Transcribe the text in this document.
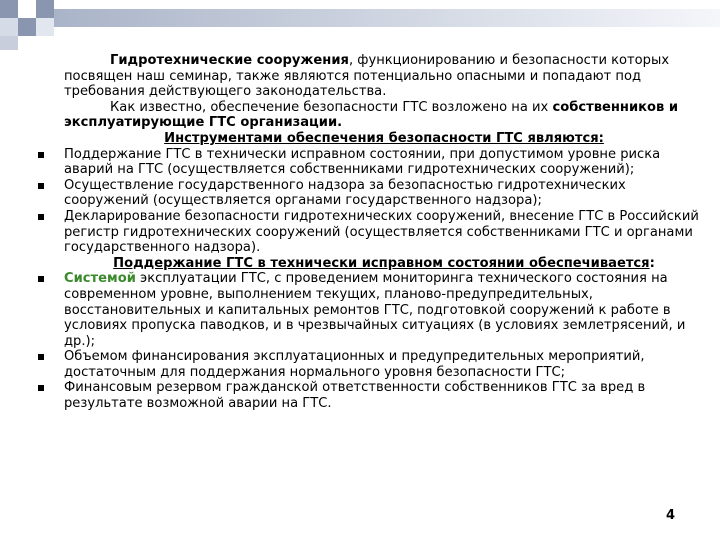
Гидротехнические сооружения, функционированию и безопасности которых посвящен наш семинар, также являются потенциально опасными и попадают под требования действующего законодательства.
Как известно, обеспечение безопасности ГТС возложено на их собственников и эксплуатирующие ГТС организации.
Инструментами обеспечения безопасности ГТС являются:
Поддержание ГТС в технически исправном состоянии, при допустимом уровне риска аварий на ГТС (осуществляется собственниками гидротехнических сооружений);
Осуществление государственного надзора за безопасностью гидротехнических сооружений (осуществляется органами государственного надзора);
Декларирование безопасности гидротехнических сооружений, внесение ГТС в Российский регистр гидротехнических сооружений (осуществляется собственниками ГТС и органами государственного надзора).
Поддержание ГТС в технически исправном состоянии обеспечивается:
Системой эксплуатации ГТС, с проведением мониторинга технического состояния на современном уровне, выполнением текущих, планово-предупредительных, восстановительных и капитальных ремонтов ГТС, подготовкой сооружений к работе в условиях пропуска паводков, и в чрезвычайных ситуациях (в условиях землетрясений, и др.);
Объемом финансирования эксплуатационных и предупредительных мероприятий, достаточным для поддержания нормального уровня безопасности ГТС;
Финансовым резервом гражданской ответственности собственников ГТС за вред в результате возможной аварии на ГТС.
4
